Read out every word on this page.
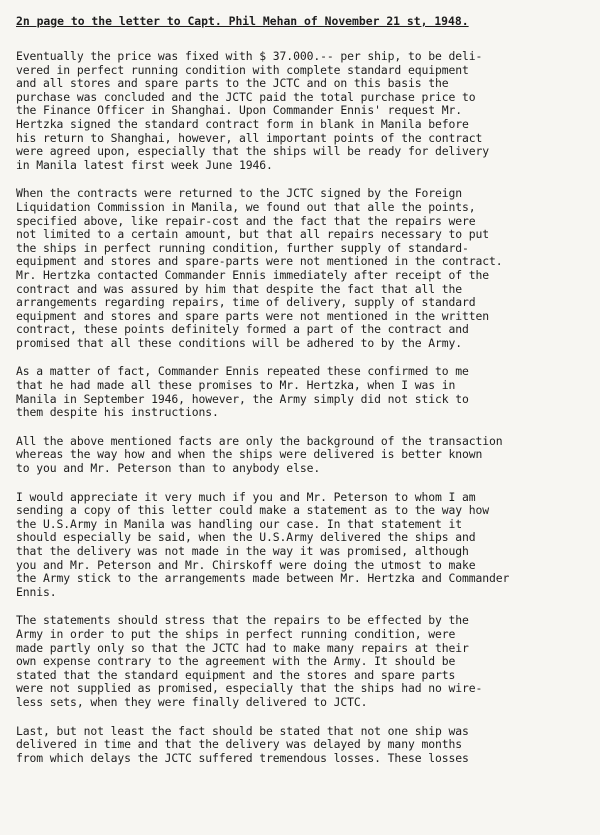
2n page to the letter to Capt. Phil Mehan of November 21 st, 1948.
Eventually the price was fixed with $ 37.000.-- per ship, to be deli-
vered in perfect running condition with complete standard equipment
and all stores and spare parts to the JCTC and on this basis the
purchase was concluded and the JCTC paid the total purchase price to
the Finance Officer in Shanghai. Upon Commander Ennis' request Mr.
Hertzka signed the standard contract form in blank in Manila before
his return to Shanghai, however, all important points of the contract
were agreed upon, especially that the ships will be ready for delivery
in Manila latest first week June 1946.
When the contracts were returned to the JCTC signed by the Foreign
Liquidation Commission in Manila, we found out that alle the points,
specified above, like repair-cost and the fact that the repairs were
not limited to a certain amount, but that all repairs necessary to put
the ships in perfect running condition, further supply of standard-
equipment and stores and spare-parts were not mentioned in the contract.
Mr. Hertzka contacted Commander Ennis immediately after receipt of the
contract and was assured by him that despite the fact that all the
arrangements regarding repairs, time of delivery, supply of standard
equipment and stores and spare parts were not mentioned in the written
contract, these points definitely formed a part of the contract and
promised that all these conditions will be adhered to by the Army.
As a matter of fact, Commander Ennis repeated these confirmed to me
that he had made all these promises to Mr. Hertzka, when I was in
Manila in September 1946, however, the Army simply did not stick to
them despite his instructions.
All the above mentioned facts are only the background of the transaction
whereas the way how and when the ships were delivered is better known
to you and Mr. Peterson than to anybody else.
I would appreciate it very much if you and Mr. Peterson to whom I am
sending a copy of this letter could make a statement as to the way how
the U.S.Army in Manila was handling our case. In that statement it
should especially be said, when the U.S.Army delivered the ships and
that the delivery was not made in the way it was promised, although
you and Mr. Peterson and Mr. Chirskoff were doing the utmost to make
the Army stick to the arrangements made between Mr. Hertzka and Commander
Ennis.
The statements should stress that the repairs to be effected by the
Army in order to put the ships in perfect running condition, were
made partly only so that the JCTC had to make many repairs at their
own expense contrary to the agreement with the Army. It should be
stated that the standard equipment and the stores and spare parts
were not supplied as promised, especially that the ships had no wire-
less sets, when they were finally delivered to JCTC.
Last, but not least the fact should be stated that not one ship was
delivered in time and that the delivery was delayed by many months
from which delays the JCTC suffered tremendous losses. These losses
